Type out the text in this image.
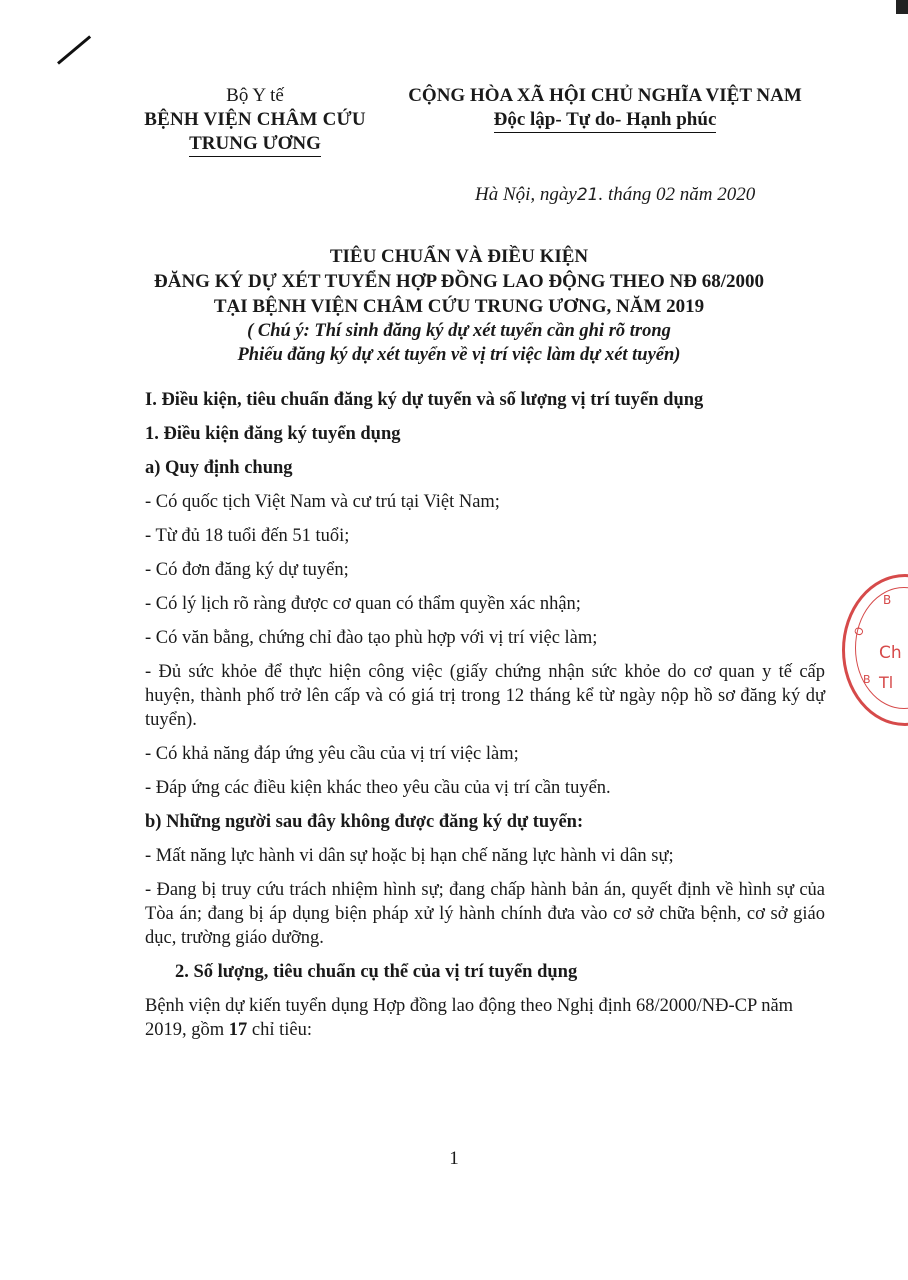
Bộ Y tế
BỆNH VIỆN CHÂM CỨU
TRUNG ƯƠNG
CỘNG HÒA XÃ HỘI CHỦ NGHĨA VIỆT NAM
Độc lập- Tự do- Hạnh phúc
Hà Nội, ngày21. tháng 02 năm 2020
TIÊU CHUẨN VÀ ĐIỀU KIỆN
ĐĂNG KÝ DỰ XÉT TUYỂN HỢP ĐỒNG LAO ĐỘNG THEO NĐ 68/2000
TẠI BỆNH VIỆN CHÂM CỨU TRUNG ƯƠNG, NĂM 2019
( Chú ý: Thí sinh đăng ký dự xét tuyển cần ghi rõ trong
Phiếu đăng ký dự xét tuyển về vị trí việc làm dự xét tuyển)

I. Điều kiện, tiêu chuẩn đăng ký dự tuyển và số lượng vị trí tuyển dụng

1. Điều kiện đăng ký tuyển dụng

a) Quy định chung

- Có quốc tịch Việt Nam và cư trú tại Việt Nam;

- Từ đủ 18 tuổi đến 51 tuổi;

- Có đơn đăng ký dự tuyển;

- Có lý lịch rõ ràng được cơ quan có thẩm quyền xác nhận;

- Có văn bằng, chứng chỉ đào tạo phù hợp với vị trí việc làm;

- Đủ sức khỏe để thực hiện công việc (giấy chứng nhận sức khỏe do cơ quan y tế cấp huyện, thành phố trở lên cấp và có giá trị trong 12 tháng kể từ ngày nộp hồ sơ đăng ký dự tuyển).

- Có khả năng đáp ứng yêu cầu của vị trí việc làm;

- Đáp ứng các điều kiện khác theo yêu cầu của vị trí cần tuyển.

b) Những người sau đây không được đăng ký dự tuyển:

- Mất năng lực hành vi dân sự hoặc bị hạn chế năng lực hành vi dân sự;

- Đang bị truy cứu trách nhiệm hình sự; đang chấp hành bản án, quyết định về hình sự của Tòa án; đang bị áp dụng biện pháp xử lý hành chính đưa vào cơ sở chữa bệnh, cơ sở giáo dục, trường giáo dưỡng.

2. Số lượng, tiêu chuẩn cụ thể của vị trí tuyển dụng

Bệnh viện dự kiến tuyển dụng Hợp đồng lao động theo Nghị định 68/2000/NĐ-CP năm 2019, gồm 17 chỉ tiêu:

B
O
Ch
Tl
B
1
